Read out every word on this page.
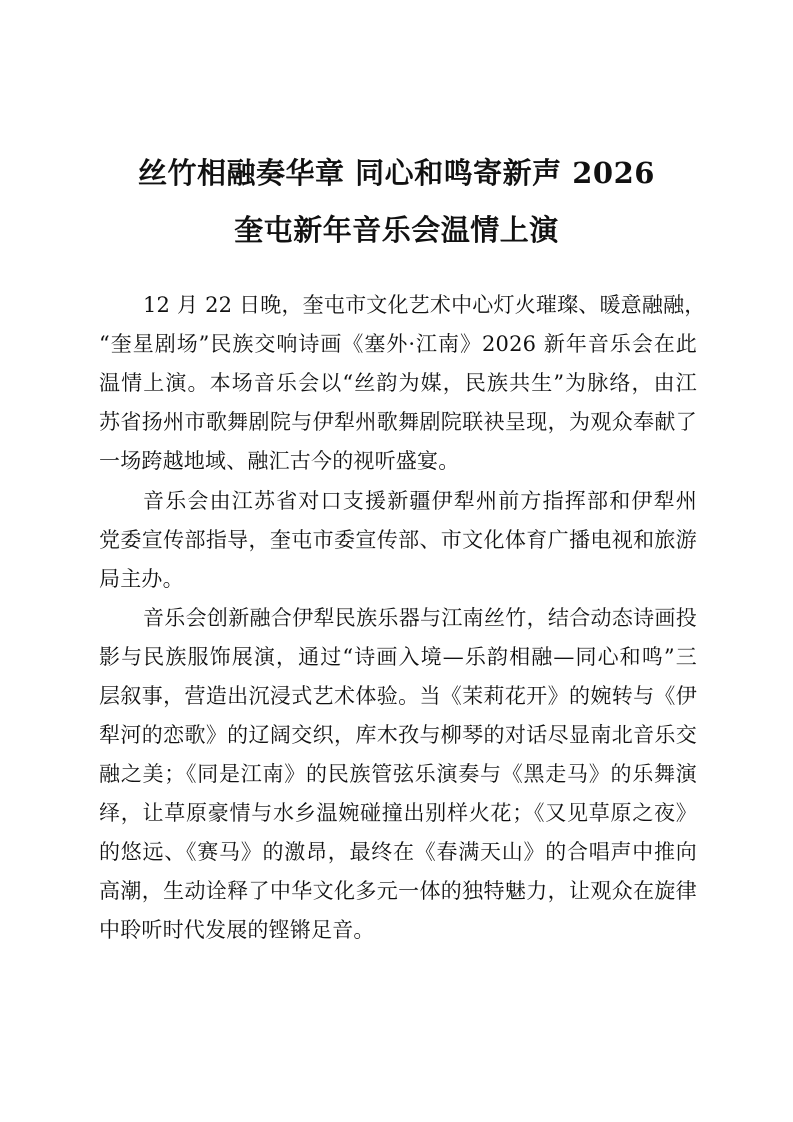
丝竹相融奏华章 同心和鸣寄新声 2026
奎屯新年音乐会温情上演
12 月 22 日晚，奎屯市文化艺术中心灯火璀璨、暖意融融，
“奎星剧场”民族交响诗画《塞外·江南》2026 新年音乐会在此
温情上演。本场音乐会以“丝韵为媒，民族共生”为脉络，由江
苏省扬州市歌舞剧院与伊犁州歌舞剧院联袂呈现，为观众奉献了
一场跨越地域、融汇古今的视听盛宴。
音乐会由江苏省对口支援新疆伊犁州前方指挥部和伊犁州
党委宣传部指导，奎屯市委宣传部、市文化体育广播电视和旅游
局主办。
音乐会创新融合伊犁民族乐器与江南丝竹，结合动态诗画投
影与民族服饰展演，通过“诗画入境—乐韵相融—同心和鸣”三
层叙事，营造出沉浸式艺术体验。当《茉莉花开》的婉转与《伊
犁河的恋歌》的辽阔交织，库木孜与柳琴的对话尽显南北音乐交
融之美；《同是江南》的民族管弦乐演奏与《黑走马》的乐舞演
绎，让草原豪情与水乡温婉碰撞出别样火花；《又见草原之夜》
的悠远、《赛马》的激昂，最终在《春满天山》的合唱声中推向
高潮，生动诠释了中华文化多元一体的独特魅力，让观众在旋律
中聆听时代发展的铿锵足音。
